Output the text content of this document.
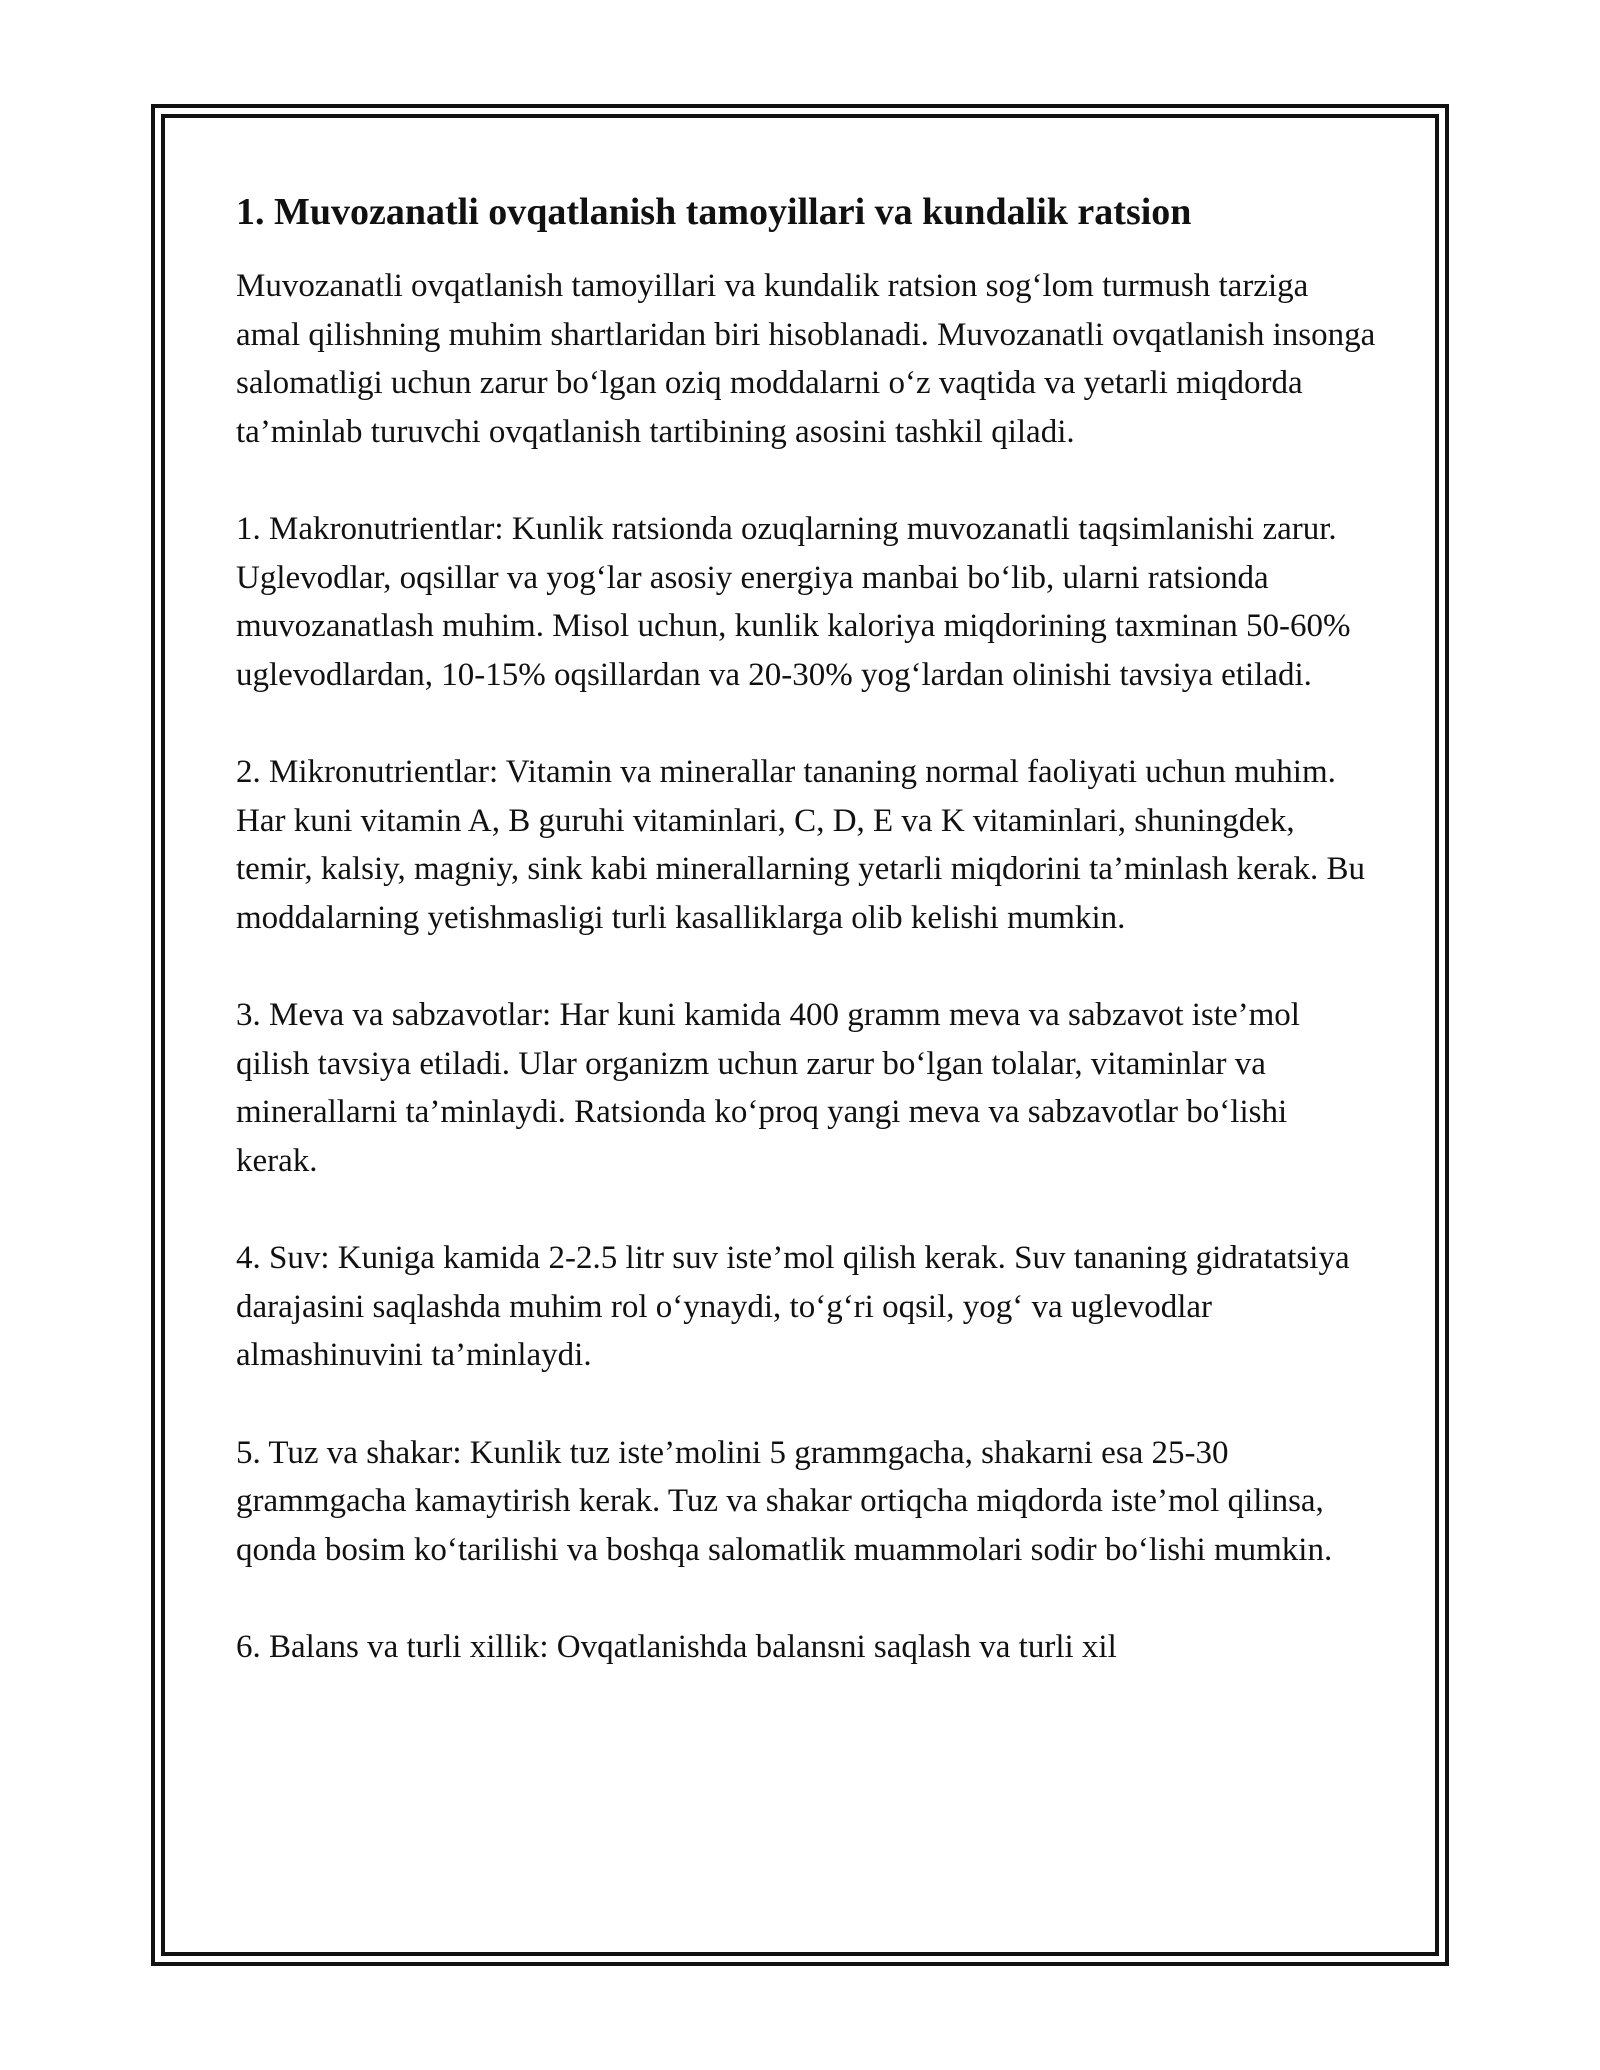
1. Muvozanatli ovqatlanish tamoyillari va kundalik ratsion

Muvozanatli ovqatlanish tamoyillari va kundalik ratsion sog‘lom turmush tarziga amal qilishning muhim shartlaridan biri hisoblanadi. Muvozanatli ovqatlanish insonga salomatligi uchun zarur bo‘lgan oziq moddalarni o‘z vaqtida va yetarli miqdorda ta’minlab turuvchi ovqatlanish tartibining asosini tashkil qiladi.

1. Makronutrientlar: Kunlik ratsionda ozuqlarning muvozanatli taqsimlanishi zarur. Uglevodlar, oqsillar va yog‘lar asosiy energiya manbai bo‘lib, ularni ratsionda muvozanatlash muhim. Misol uchun, kunlik kaloriya miqdorining taxminan 50-60% uglevodlardan, 10-15% oqsillardan va 20-30% yog‘lardan olinishi tavsiya etiladi.

2. Mikronutrientlar: Vitamin va minerallar tananing normal faoliyati uchun muhim. Har kuni vitamin A, B guruhi vitaminlari, C, D, E va K vitaminlari, shuningdek, temir, kalsiy, magniy, sink kabi minerallarning yetarli miqdorini ta’minlash kerak. Bu moddalarning yetishmasligi turli kasalliklarga olib kelishi mumkin.

3. Meva va sabzavotlar: Har kuni kamida 400 gramm meva va sabzavot iste’mol qilish tavsiya etiladi. Ular organizm uchun zarur bo‘lgan tolalar, vitaminlar va minerallarni ta’minlaydi. Ratsionda ko‘proq yangi meva va sabzavotlar bo‘lishi kerak.

4. Suv: Kuniga kamida 2-2.5 litr suv iste’mol qilish kerak. Suv tananing gidratatsiya darajasini saqlashda muhim rol o‘ynaydi, to‘g‘ri oqsil, yog‘ va uglevodlar almashinuvini ta’minlaydi.

5. Tuz va shakar: Kunlik tuz iste’molini 5 grammgacha, shakarni esa 25-30 grammgacha kamaytirish kerak. Tuz va shakar ortiqcha miqdorda iste’mol qilinsa, qonda bosim ko‘tarilishi va boshqa salomatlik muammolari sodir bo‘lishi mumkin.

6. Balans va turli xillik: Ovqatlanishda balansni saqlash va turli xil
